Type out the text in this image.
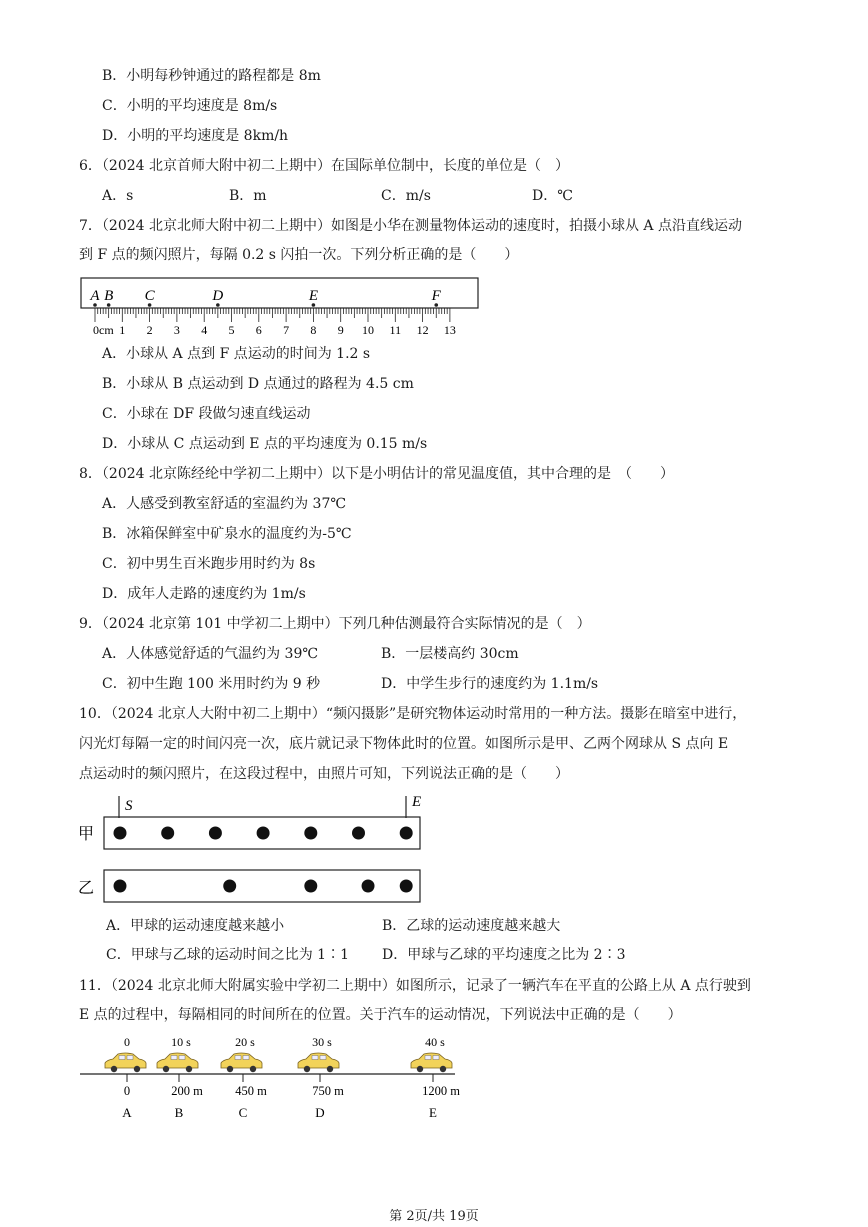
B．小明每秒钟通过的路程都是 8m
C．小明的平均速度是 8m/s
D．小明的平均速度是 8km/h
6．（2024 北京首师大附中初二上期中）在国际单位制中，长度的单位是（　）
A．s	B．m	C．m/s	D．℃
7．（2024 北京北师大附中初二上期中）如图是小华在测量物体运动的速度时，拍摄小球从 A 点沿直线运动
到 F 点的频闪照片，每隔 0.2 s 闪拍一次。下列分析正确的是（　　）
0cm 1 2 3 4 5 6 7 8 9 10 11 12 13
A B C	D	E	F
A．小球从 A 点到 F 点运动的时间为 1.2 s
B．小球从 B 点运动到 D 点通过的路程为 4.5 cm
C．小球在 DF 段做匀速直线运动
D．小球从 C 点运动到 E 点的平均速度为 0.15 m/s
8．（2024 北京陈经纶中学初二上期中）以下是小明估计的常见温度值，其中合理的是　（　　）
A．人感受到教室舒适的室温约为 37℃
B．冰箱保鲜室中矿泉水的温度约为-5℃
C．初中男生百米跑步用时约为 8s
D．成年人走路的速度约为 1m/s
9．（2024 北京第 101 中学初二上期中）下列几种估测最符合实际情况的是（　）
A．人体感觉舒适的气温约为 39℃	B．一层楼高约 30cm
C．初中生跑 100 米用时约为 9 秒	D．中学生步行的速度约为 1.1m/s
10．（2024 北京人大附中初二上期中）“频闪摄影”是研究物体运动时常用的一种方法。摄影在暗室中进行，
闪光灯每隔一定的时间闪亮一次，底片就记录下物体此时的位置。如图所示是甲、乙两个网球从 S 点向 E
点运动时的频闪照片，在这段过程中，由照片可知，下列说法正确的是（　　）
S	E
甲
乙
A．甲球的运动速度越来越小	B．乙球的运动速度越来越大
C．甲球与乙球的运动时间之比为 1∶1 D．甲球与乙球的平均速度之比为 2∶3
11．（2024 北京北师大附属实验中学初二上期中）如图所示，记录了一辆汽车在平直的公路上从 A 点行驶到
E 点的过程中，每隔相同的时间所在的位置。关于汽车的运动情况，下列说法中正确的是（　　）
0
0
A
10 s
200 m
B
20 s
450 m
C
30 s
750 m
D
40 s
1200 m
E
第 2页/共 19页
